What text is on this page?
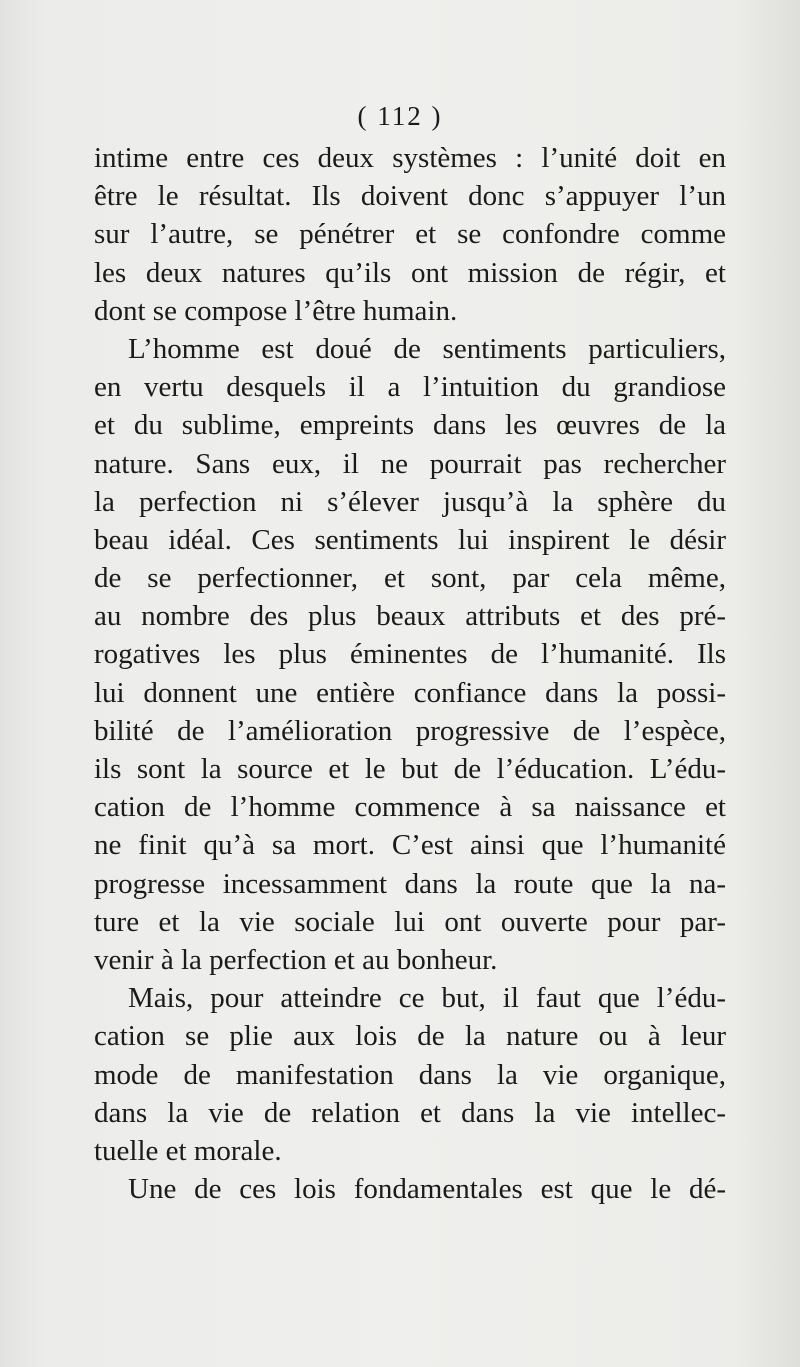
( 112 )
intime entre ces deux systèmes : l’unité doit en
être le résultat. Ils doivent donc s’appuyer l’un
sur l’autre, se pénétrer et se confondre comme
les deux natures qu’ils ont mission de régir, et
dont se compose l’être humain.
L’homme est doué de sentiments particuliers,
en vertu desquels il a l’intuition du grandiose
et du sublime, empreints dans les œuvres de la
nature. Sans eux, il ne pourrait pas rechercher
la perfection ni s’élever jusqu’à la sphère du
beau idéal. Ces sentiments lui inspirent le désir
de se perfectionner, et sont, par cela même,
au nombre des plus beaux attributs et des pré-
rogatives les plus éminentes de l’humanité. Ils
lui donnent une entière confiance dans la possi-
bilité de l’amélioration progressive de l’espèce,
ils sont la source et le but de l’éducation. L’édu-
cation de l’homme commence à sa naissance et
ne finit qu’à sa mort. C’est ainsi que l’humanité
progresse incessamment dans la route que la na-
ture et la vie sociale lui ont ouverte pour par-
venir à la perfection et au bonheur.
Mais, pour atteindre ce but, il faut que l’édu-
cation se plie aux lois de la nature ou à leur
mode de manifestation dans la vie organique,
dans la vie de relation et dans la vie intellec-
tuelle et morale.
Une de ces lois fondamentales est que le dé-
